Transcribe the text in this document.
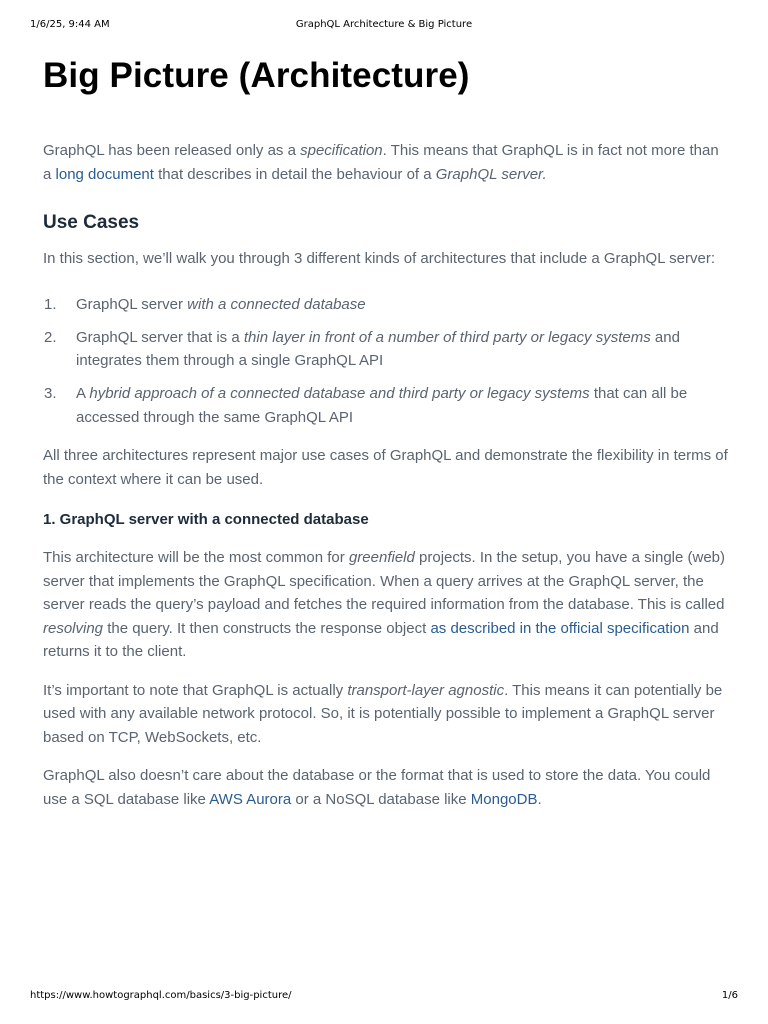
1/6/25, 9:44 AM	GraphQL Architecture & Big Picture
Big Picture (Architecture)

GraphQL has been released only as a specification. This means that GraphQL is in fact not more than a long document that describes in detail the behaviour of a GraphQL server.

Use Cases

In this section, we’ll walk you through 3 different kinds of architectures that include a GraphQL server:

1. GraphQL server with a connected database
2. GraphQL server that is a thin layer in front of a number of third party or legacy systems and integrates them through a single GraphQL API
3. A hybrid approach of a connected database and third party or legacy systems that can all be accessed through the same GraphQL API

All three architectures represent major use cases of GraphQL and demonstrate the flexibility in terms of the context where it can be used.

1. GraphQL server with a connected database

This architecture will be the most common for greenfield projects. In the setup, you have a single (web) server that implements the GraphQL specification. When a query arrives at the GraphQL server, the server reads the query’s payload and fetches the required information from the database. This is called resolving the query. It then constructs the response object as described in the official specification and returns it to the client.

It’s important to note that GraphQL is actually transport-layer agnostic. This means it can potentially be used with any available network protocol. So, it is potentially possible to implement a GraphQL server based on TCP, WebSockets, etc.

GraphQL also doesn’t care about the database or the format that is used to store the data. You could use a SQL database like AWS Aurora or a NoSQL database like MongoDB.

https://www.howtographql.com/basics/3-big-picture/	1/6
